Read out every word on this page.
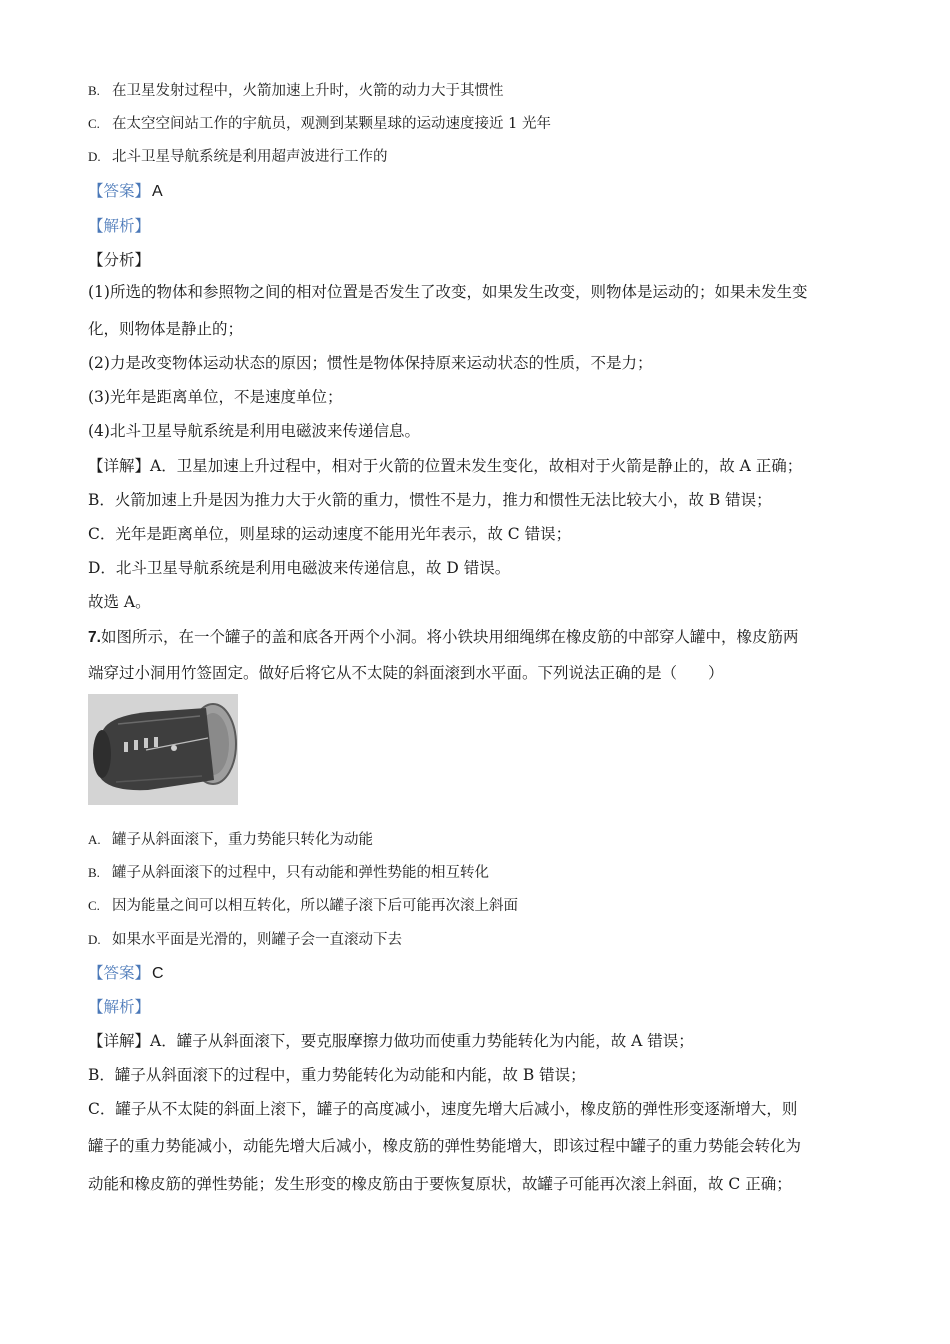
B. 在卫星发射过程中，火箭加速上升时，火箭的动力大于其惯性
C. 在太空空间站工作的宇航员，观测到某颗星球的运动速度接近 1 光年
D. 北斗卫星导航系统是利用超声波进行工作的
【答案】 A
【解析】
【分析】
(1)所选的物体和参照物之间的相对位置是否发生了改变，如果发生改变，则物体是运动的；如果未发生变
化，则物体是静止的；
(2)力是改变物体运动状态的原因；惯性是物体保持原来运动状态的性质，不是力；
(3)光年是距离单位，不是速度单位；
(4)北斗卫星导航系统是利用电磁波来传递信息。
【详解】A．卫星加速上升过程中，相对于火箭的位置未发生变化，故相对于火箭是静止的，故 A 正确；
B．火箭加速上升是因为推力大于火箭的重力，惯性不是力，推力和惯性无法比较大小，故 B 错误；
C．光年是距离单位，则星球的运动速度不能用光年表示，故 C 错误；
D．北斗卫星导航系统是利用电磁波来传递信息，故 D 错误。
故选 A。
7.如图所示，在一个罐子的盖和底各开两个小洞。将小铁块用细绳绑在橡皮筋的中部穿人罐中，橡皮筋两
端穿过小洞用竹签固定。做好后将它从不太陡的斜面滚到水平面。下列说法正确的是（　　）
A. 罐子从斜面滚下，重力势能只转化为动能
B. 罐子从斜面滚下的过程中，只有动能和弹性势能的相互转化
C. 因为能量之间可以相互转化，所以罐子滚下后可能再次滚上斜面
D. 如果水平面是光滑的，则罐子会一直滚动下去
【答案】 C
【解析】
【详解】A．罐子从斜面滚下，要克服摩擦力做功而使重力势能转化为内能，故 A 错误；
B．罐子从斜面滚下的过程中，重力势能转化为动能和内能，故 B 错误；
C．罐子从不太陡的斜面上滚下，罐子的高度减小，速度先增大后减小，橡皮筋的弹性形变逐渐增大，则
罐子的重力势能减小，动能先增大后减小，橡皮筋的弹性势能增大，即该过程中罐子的重力势能会转化为
动能和橡皮筋的弹性势能；发生形变的橡皮筋由于要恢复原状，故罐子可能再次滚上斜面，故 C 正确；
